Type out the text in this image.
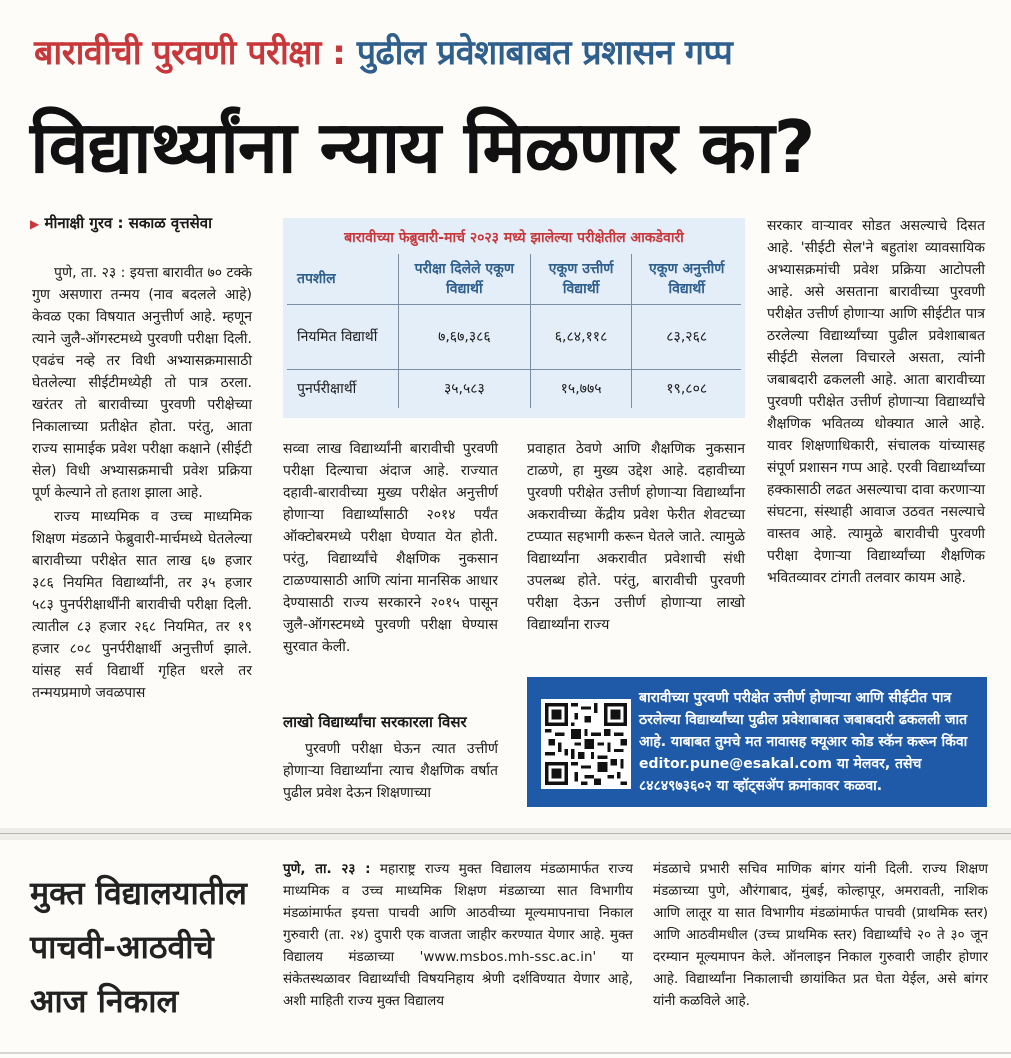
बारावीची पुरवणी परीक्षा : पुढील प्रवेशाबाबत प्रशासन गप्प
विद्यार्थ्यांना न्याय मिळणार का?
▶ मीनाक्षी गुरव : सकाळ वृत्तसेवा

पुणे, ता. २३ : इयत्ता बारावीत ७० टक्के गुण असणारा तन्मय (नाव बदलले आहे) केवळ एका विषयात अनुत्तीर्ण आहे. म्हणून त्याने जुलै-ऑगस्टमध्ये पुरवणी परीक्षा दिली. एवढंच नव्हे तर विधी अभ्यासक्रमासाठी घेतलेल्या सीईटीमध्येही तो पात्र ठरला. खरंतर तो बारावीच्या पुरवणी परीक्षेच्या निकालाच्या प्रतीक्षेत होता. परंतु, आता राज्य सामाईक प्रवेश परीक्षा कक्षाने (सीईटी सेल) विधी अभ्यासक्रमाची प्रवेश प्रक्रिया पूर्ण केल्याने तो हताश झाला आहे.

राज्य माध्यमिक व उच्च माध्यमिक शिक्षण मंडळाने फेब्रुवारी-मार्चमध्ये घेतलेल्या बारावीच्या परीक्षेत सात लाख ६७ हजार ३८६ नियमित विद्यार्थ्यांनी, तर ३५ हजार ५८३ पुनर्परीक्षार्थींनी बारावीची परीक्षा दिली. त्यातील ८३ हजार २६८ नियमित, तर १९ हजार ८०८ पुनर्परीक्षार्थी अनुत्तीर्ण झाले. यांसह सर्व विद्यार्थी गृहित धरले तर तन्मयप्रमाणे जवळपास

बारावीच्या फेब्रुवारी-मार्च २०२३ मध्ये झालेल्या परीक्षेतील आकडेवारी
तपशील	परीक्षा दिलेले एकूण विद्यार्थी	एकूण उत्तीर्ण विद्यार्थी	एकूण अनुत्तीर्ण विद्यार्थी
नियमित विद्यार्थी	७,६७,३८६	६,८४,११८	८३,२६८
पुनर्परीक्षार्थी	३५,५८३	१५,७७५	१९,८०८

सव्वा लाख विद्यार्थ्यांनी बारावीची पुरवणी परीक्षा दिल्याचा अंदाज आहे. राज्यात दहावी-बारावीच्या मुख्य परीक्षेत अनुत्तीर्ण होणाऱ्या विद्यार्थ्यांसाठी २०१४ पर्यंत ऑक्टोबरमध्ये परीक्षा घेण्यात येत होती. परंतु, विद्यार्थ्यांचे शैक्षणिक नुकसान टाळण्यासाठी आणि त्यांना मानसिक आधार देण्यासाठी राज्य सरकारने २०१५ पासून जुलै-ऑगस्टमध्ये पुरवणी परीक्षा घेण्यास सुरवात केली.

लाखो विद्यार्थ्यांचा सरकारला विसर

पुरवणी परीक्षा घेऊन त्यात उत्तीर्ण होणाऱ्या विद्यार्थ्यांना त्याच शैक्षणिक वर्षात पुढील प्रवेश देऊन शिक्षणाच्या

प्रवाहात ठेवणे आणि शैक्षणिक नुकसान टाळणे, हा मुख्य उद्देश आहे. दहावीच्या पुरवणी परीक्षेत उत्तीर्ण होणाऱ्या विद्यार्थ्यांना अकरावीच्या केंद्रीय प्रवेश फेरीत शेवटच्या टप्प्यात सहभागी करून घेतले जाते. त्यामुळे विद्यार्थ्यांना अकरावीत प्रवेशाची संधी उपलब्ध होते. परंतु, बारावीची पुरवणी परीक्षा देऊन उत्तीर्ण होणाऱ्या लाखो विद्यार्थ्यांना राज्य

सरकार वाऱ्यावर सोडत असल्याचे दिसत आहे. 'सीईटी सेल'ने बहुतांश व्यावसायिक अभ्यासक्रमांची प्रवेश प्रक्रिया आटोपली आहे. असे असताना बारावीच्या पुरवणी परीक्षेत उत्तीर्ण होणाऱ्या आणि सीईटीत पात्र ठरलेल्या विद्यार्थ्यांच्या पुढील प्रवेशाबाबत सीईटी सेलला विचारले असता, त्यांनी जबाबदारी ढकलली आहे. आता बारावीच्या पुरवणी परीक्षेत उत्तीर्ण होणाऱ्या विद्यार्थ्यांचे शैक्षणिक भवितव्य धोक्यात आले आहे. यावर शिक्षणाधिकारी, संचालक यांच्यासह संपूर्ण प्रशासन गप्प आहे. एरवी विद्यार्थ्यांच्या हक्कासाठी लढत असल्याचा दावा करणाऱ्या संघटना, संस्थाही आवाज उठवत नसल्याचे वास्तव आहे. त्यामुळे बारावीची पुरवणी परीक्षा देणाऱ्या विद्यार्थ्यांच्या शैक्षणिक भवितव्यावर टांगती तलवार कायम आहे.

बारावीच्या पुरवणी परीक्षेत उत्तीर्ण होणाऱ्या आणि सीईटीत पात्र ठरलेल्या विद्यार्थ्यांच्या पुढील प्रवेशाबाबत जबाबदारी ढकलली जात आहे. याबाबत तुमचे मत नावासह क्यूआर कोड स्कॅन करून किंवा editor.pune@esakal.com या मेलवर, तसेच ८४८४९७३६०२ या व्हॉट्सॲप क्रमांकावर कळवा.
मुक्त विद्यालयातील
पाचवी-आठवीचे
आज निकाल

पुणे, ता. २३ : महाराष्ट्र राज्य मुक्त विद्यालय मंडळामार्फत राज्य माध्यमिक व उच्च माध्यमिक शिक्षण मंडळाच्या सात विभागीय मंडळांमार्फत इयत्ता पाचवी आणि आठवीच्या मूल्यमापनाचा निकाल गुरुवारी (ता. २४) दुपारी एक वाजता जाहीर करण्यात येणार आहे. मुक्त विद्यालय मंडळाच्या 'www.msbos.mh-ssc.ac.in' या संकेतस्थळावर विद्यार्थ्यांची विषयनिहाय श्रेणी दर्शविण्यात येणार आहे, अशी माहिती राज्य मुक्त विद्यालय

मंडळाचे प्रभारी सचिव माणिक बांगर यांनी दिली. राज्य शिक्षण मंडळाच्या पुणे, औरंगाबाद, मुंबई, कोल्हापूर, अमरावती, नाशिक आणि लातूर या सात विभागीय मंडळांमार्फत पाचवी (प्राथमिक स्तर) आणि आठवीमधील (उच्च प्राथमिक स्तर) विद्यार्थ्यांचे २० ते ३० जून दरम्यान मूल्यमापन केले. ऑनलाइन निकाल गुरुवारी जाहीर होणार आहे. विद्यार्थ्यांना निकालाची छायांकित प्रत घेता येईल, असे बांगर यांनी कळविले आहे.
